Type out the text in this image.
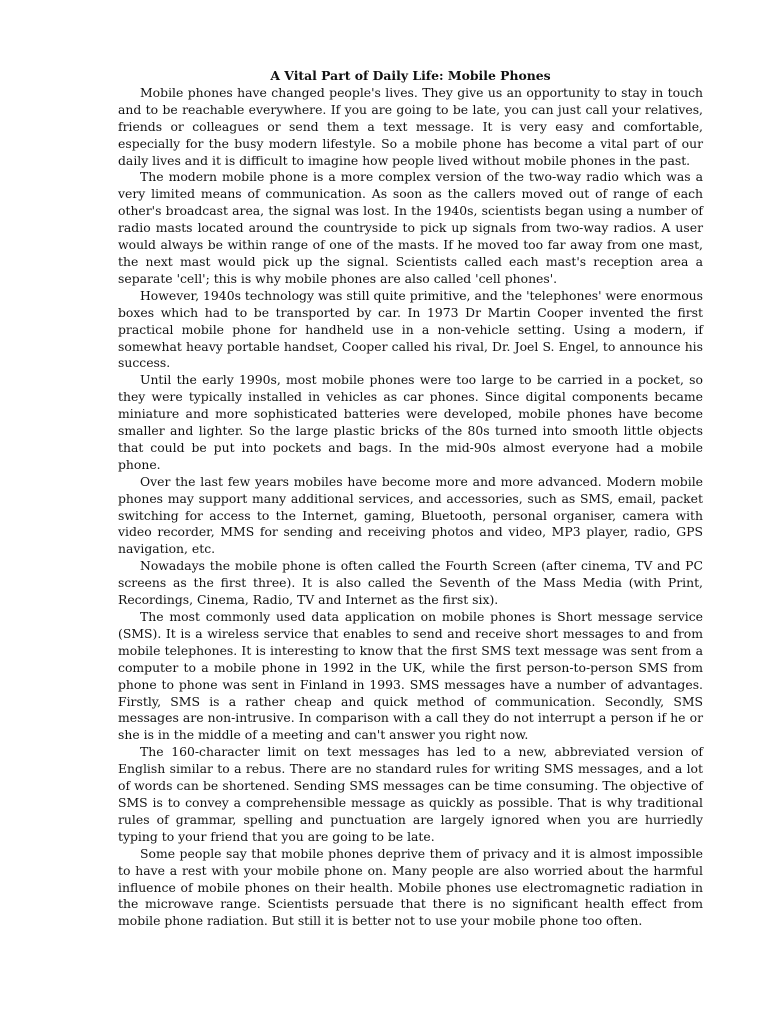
A Vital Part of Daily Life: Mobile Phones

Mobile phones have changed people's lives. They give us an opportunity to stay in touch and to be reachable everywhere. If you are going to be late, you can just call your relatives, friends or colleagues or send them a text message. It is very easy and comfortable, especially for the busy modern lifestyle. So a mobile phone has become a vital part of our daily lives and it is difficult to imagine how people lived without mobile phones in the past.

The modern mobile phone is a more complex version of the two-way radio which was a very limited means of communication. As soon as the callers moved out of range of each other's broadcast area, the signal was lost. In the 1940s, scientists began using a number of radio masts located around the countryside to pick up signals from two-way radios. A user would always be within range of one of the masts. If he moved too far away from one mast, the next mast would pick up the signal. Scientists called each mast's reception area a separate 'cell'; this is why mobile phones are also called 'cell phones'.

However, 1940s technology was still quite primitive, and the 'telephones' were enormous boxes which had to be transported by car. In 1973 Dr Martin Cooper invented the first practical mobile phone for handheld use in a non-vehicle setting. Using a modern, if somewhat heavy portable handset, Cooper called his rival, Dr. Joel S. Engel, to announce his success.

Until the early 1990s, most mobile phones were too large to be carried in a pocket, so they were typically installed in vehicles as car phones. Since digital components became miniature and more sophisticated batteries were developed, mobile phones have become smaller and lighter. So the large plastic bricks of the 80s turned into smooth little objects that could be put into pockets and bags. In the mid-90s almost everyone had a mobile phone.

Over the last few years mobiles have become more and more advanced. Modern mobile phones may support many additional services, and accessories, such as SMS, email, packet switching for access to the Internet, gaming, Bluetooth, personal organiser, camera with video recorder, MMS for sending and receiving photos and video, MP3 player, radio, GPS navigation, etc.

Nowadays the mobile phone is often called the Fourth Screen (after cinema, TV and PC screens as the first three). It is also called the Seventh of the Mass Media (with Print, Recordings, Cinema, Radio, TV and Internet as the first six).

The most commonly used data application on mobile phones is Short message service (SMS). It is a wireless service that enables to send and receive short messages to and from mobile telephones. It is interesting to know that the first SMS text message was sent from a computer to a mobile phone in 1992 in the UK, while the first person-to-person SMS from phone to phone was sent in Finland in 1993. SMS messages have a number of advantages. Firstly, SMS is a rather cheap and quick method of communication. Secondly, SMS messages are non-intrusive. In comparison with a call they do not interrupt a person if he or she is in the middle of a meeting and can't answer you right now.

The 160-character limit on text messages has led to a new, abbreviated version of English similar to a rebus. There are no standard rules for writing SMS messages, and a lot of words can be shortened. Sending SMS messages can be time consuming. The objective of SMS is to convey a comprehensible message as quickly as possible. That is why traditional rules of grammar, spelling and punctuation are largely ignored when you are hurriedly typing to your friend that you are going to be late.

Some people say that mobile phones deprive them of privacy and it is almost impossible to have a rest with your mobile phone on. Many people are also worried about the harmful influence of mobile phones on their health. Mobile phones use electromagnetic radiation in the microwave range. Scientists persuade that there is no significant health effect from mobile phone radiation. But still it is better not to use your mobile phone too often.
